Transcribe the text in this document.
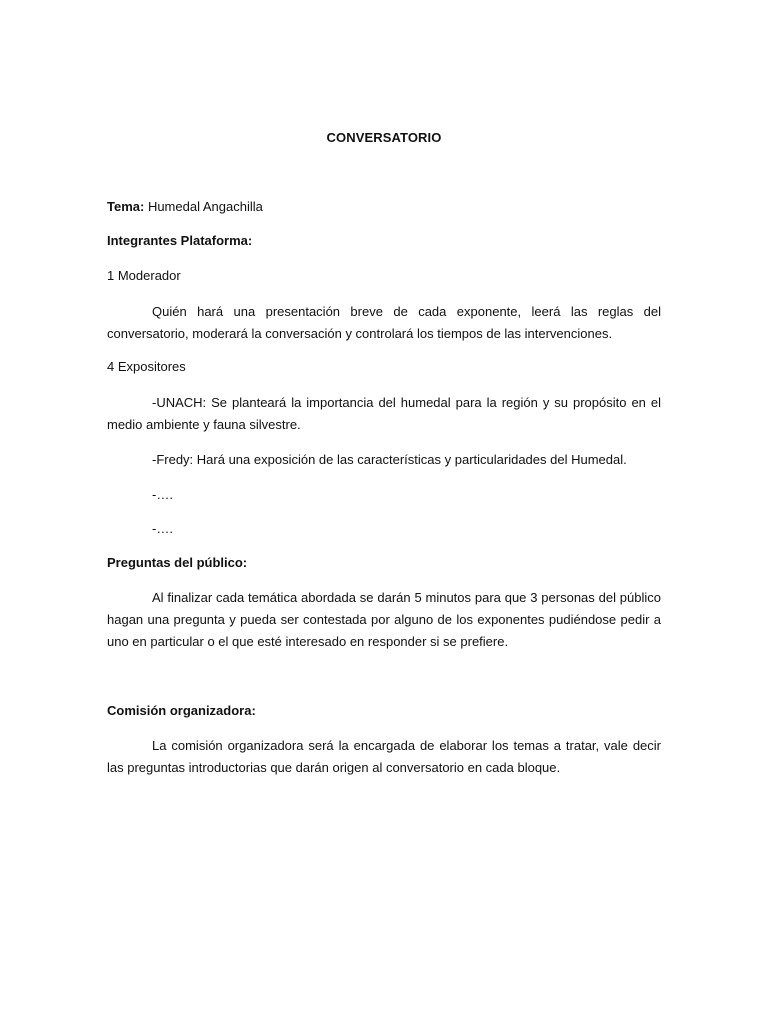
CONVERSATORIO
Tema: Humedal Angachilla
Integrantes Plataforma:
1 Moderador
Quién hará una presentación breve de cada exponente, leerá las reglas del conversatorio, moderará la conversación y controlará los tiempos de las intervenciones.
4 Expositores
-UNACH: Se planteará la importancia del humedal para la región y su propósito en el medio ambiente y fauna silvestre.
-Fredy: Hará una exposición de las características y particularidades del Humedal.
-….
-….
Preguntas del público:
Al finalizar cada temática abordada se darán 5 minutos para que 3 personas del público hagan una pregunta y pueda ser contestada por alguno de los exponentes pudiéndose pedir a uno en particular o el que esté interesado en responder si se prefiere.
Comisión organizadora:
La comisión organizadora será la encargada de elaborar los temas a tratar, vale decir las preguntas introductorias que darán origen al conversatorio en cada bloque.
